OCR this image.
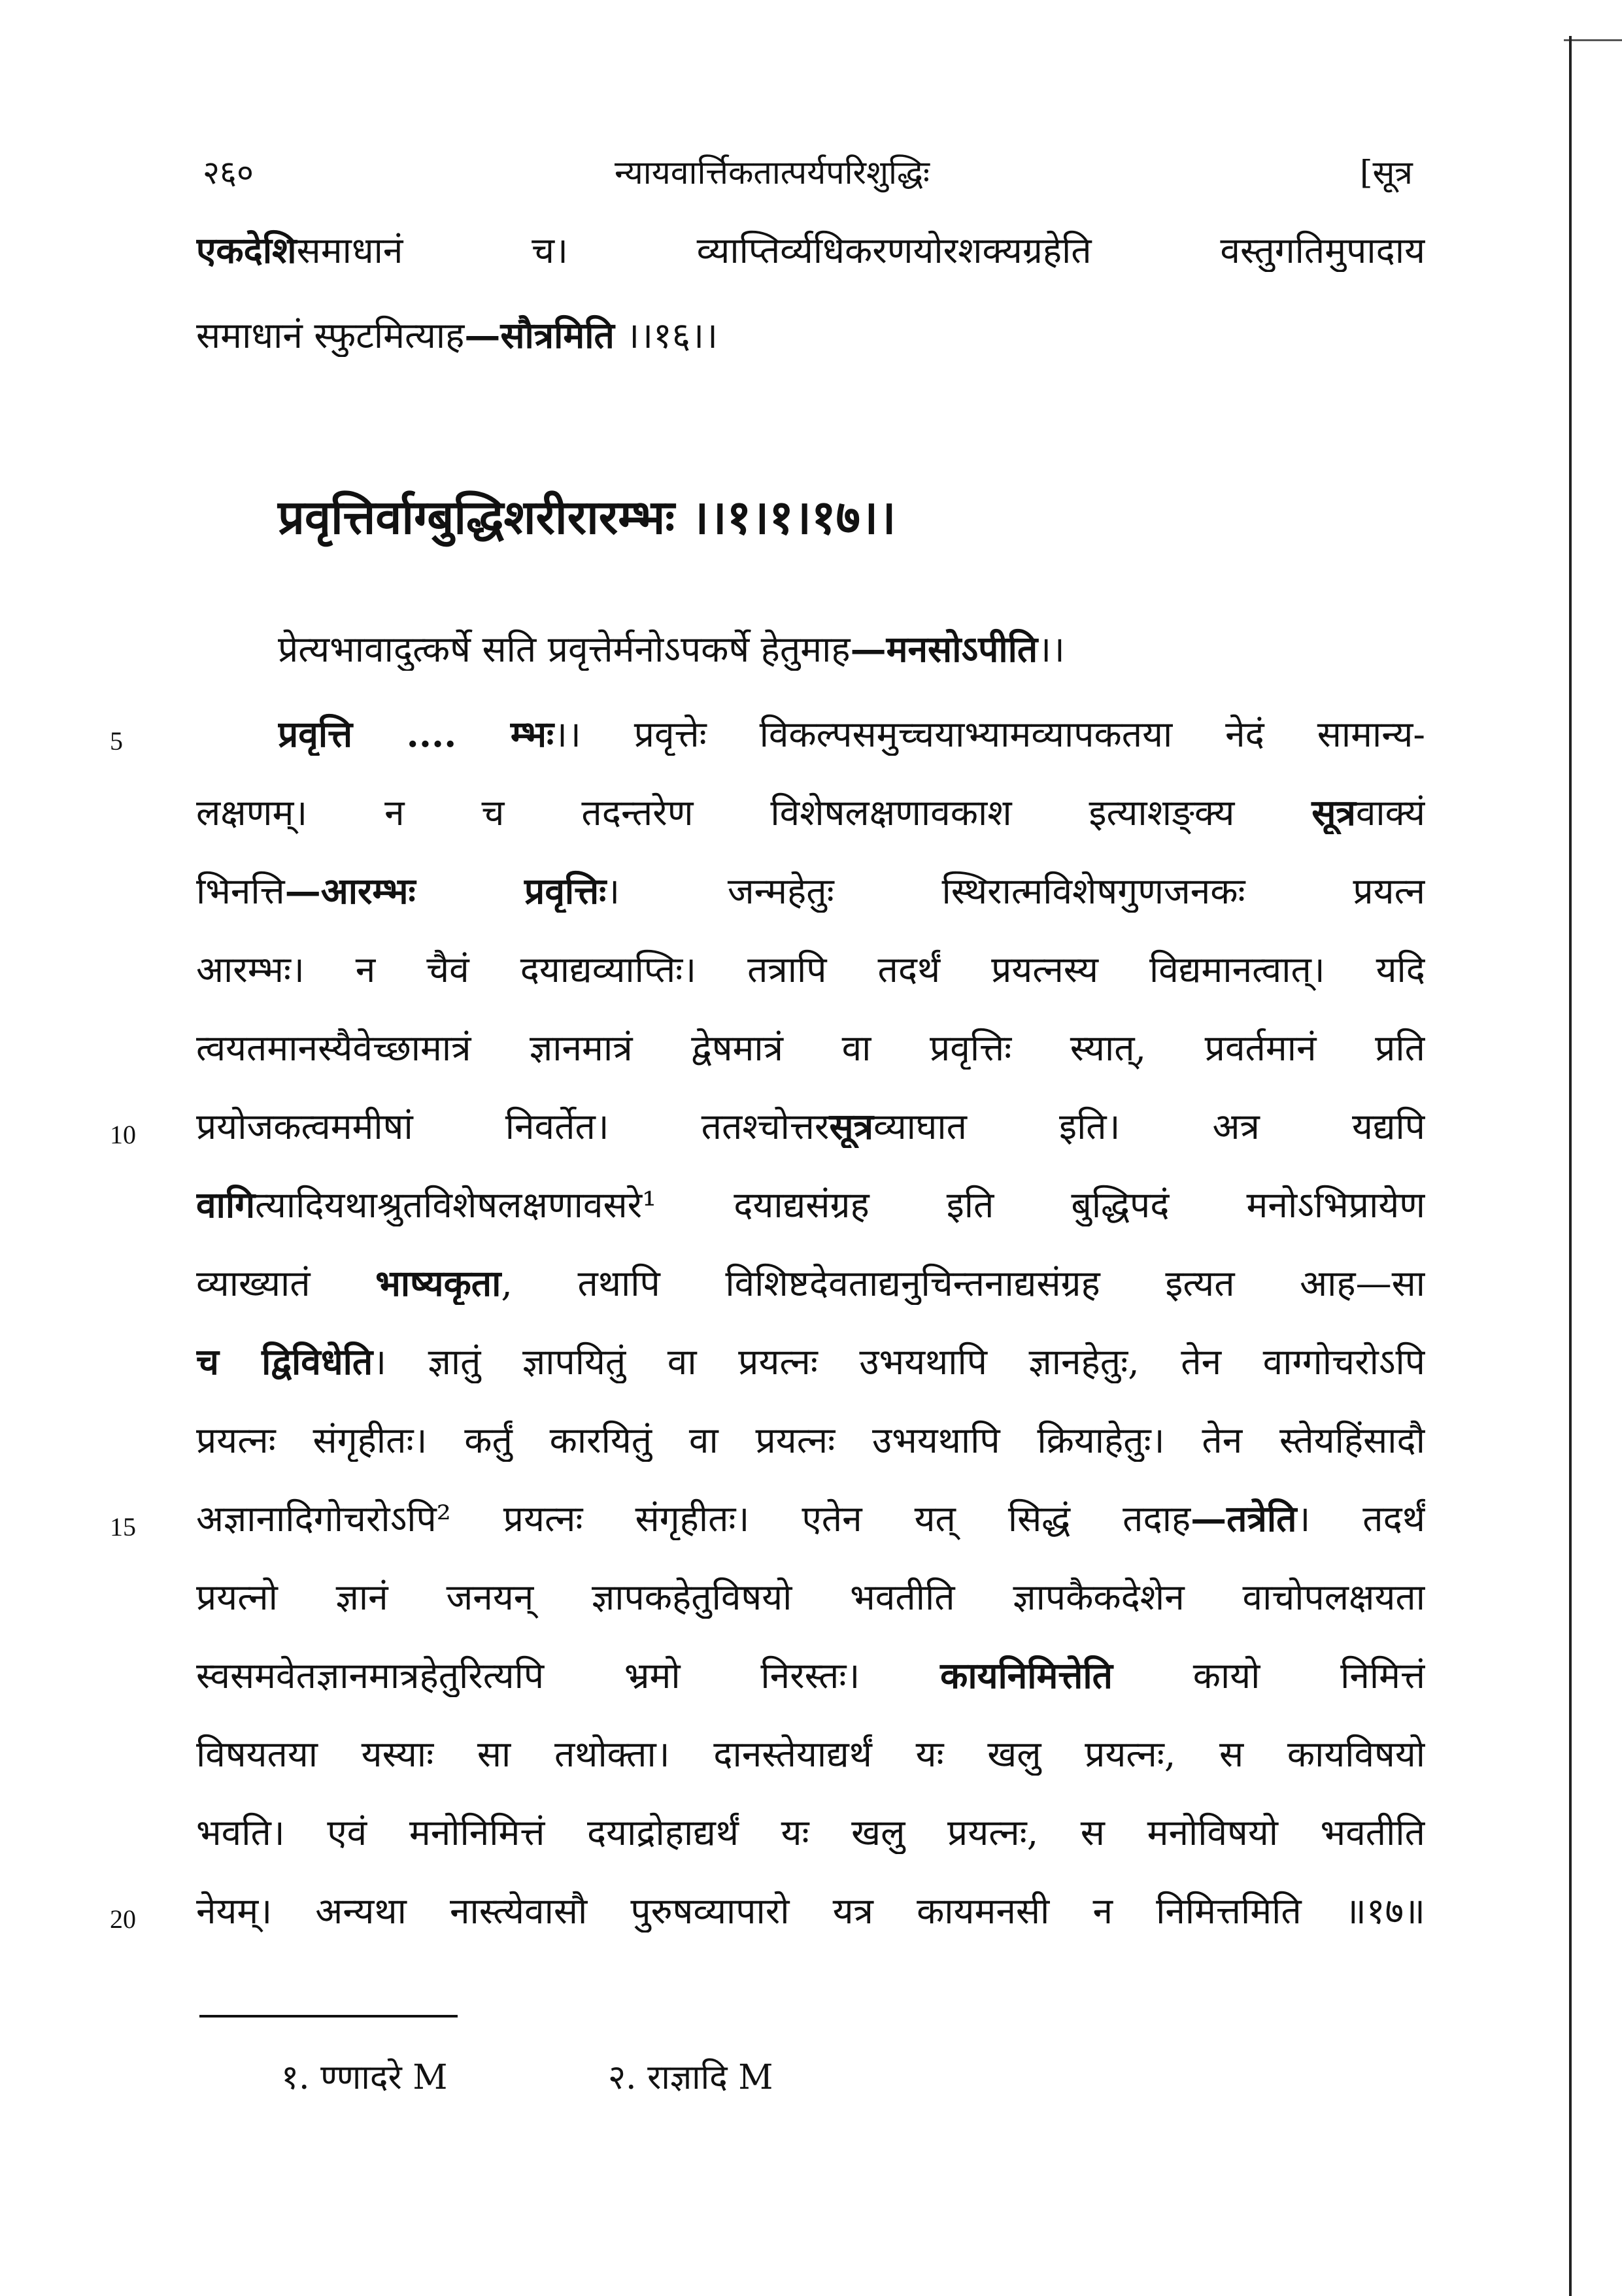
२६०	न्यायवार्त्तिकतात्पर्यपरिशुद्धिः	[सूत्र
एकदेशिसमाधानं च। व्याप्तिर्व्यधिकरणयोरशक्यग्रहेति वस्तुगतिमुपादाय
समाधानं स्फुटमित्याह—सौत्रमिति ।।१६।।
प्रवृत्तिर्वाग्बुद्धिशरीरारम्भः ।।१।१।१७।।
प्रेत्यभावादुत्कर्षे सति प्रवृत्तेर्मनोऽपकर्षे हेतुमाह—मनसोऽपीति।।
प्रवृत्ति .... म्भः।। प्रवृत्तेः विकल्पसमुच्चयाभ्यामव्यापकतया नेदं सामान्य-
लक्षणम्। न च तदन्तरेण विशेषलक्षणावकाश इत्याशङ्क्य सूत्रवाक्यं
भिनत्ति—आरम्भः प्रवृत्तिः। जन्महेतुः स्थिरात्मविशेषगुणजनकः प्रयत्न
आरम्भः। न चैवं दयाद्यव्याप्तिः। तत्रापि तदर्थं प्रयत्नस्य विद्यमानत्वात्। यदि
त्वयतमानस्यैवेच्छामात्रं ज्ञानमात्रं द्वेषमात्रं वा प्रवृत्तिः स्यात्, प्रवर्तमानं प्रति
प्रयोजकत्वममीषां निवर्तेत। ततश्चोत्तरसूत्रव्याघात इति। अत्र यद्यपि
वागित्यादियथाश्रुतविशेषलक्षणावसरे¹ दयाद्यसंग्रह इति बुद्धिपदं मनोऽभिप्रायेण
व्याख्यातं भाष्यकृता, तथापि विशिष्टदेवताद्यनुचिन्तनाद्यसंग्रह इत्यत आह—सा
च द्विविधेति। ज्ञातुं ज्ञापयितुं वा प्रयत्नः उभयथापि ज्ञानहेतुः, तेन वाग्गोचरोऽपि
प्रयत्नः संगृहीतः। कर्तुं कारयितुं वा प्रयत्नः उभयथापि क्रियाहेतुः। तेन स्तेयहिंसादौ
अज्ञानादिगोचरोऽपि² प्रयत्नः संगृहीतः। एतेन यत् सिद्धं तदाह—तत्रेति। तदर्थं
प्रयत्नो ज्ञानं जनयन् ज्ञापकहेतुविषयो भवतीति ज्ञापकैकदेशेन वाचोपलक्षयता
स्वसमवेतज्ञानमात्रहेतुरित्यपि भ्रमो निरस्तः। कायनिमित्तेति कायो निमित्तं
विषयतया यस्याः सा तथोक्ता। दानस्तेयाद्यर्थं यः खलु प्रयत्नः, स कायविषयो
भवति। एवं मनोनिमित्तं दयाद्रोहाद्यर्थं यः खलु प्रयत्नः, स मनोविषयो भवतीति
नेयम्। अन्यथा नास्त्येवासौ पुरुषव्यापारो यत्र कायमनसी न निमित्तमिति ॥१७॥
5
10
15
20
१. ण्णादरे M	२. राज्ञादि M
